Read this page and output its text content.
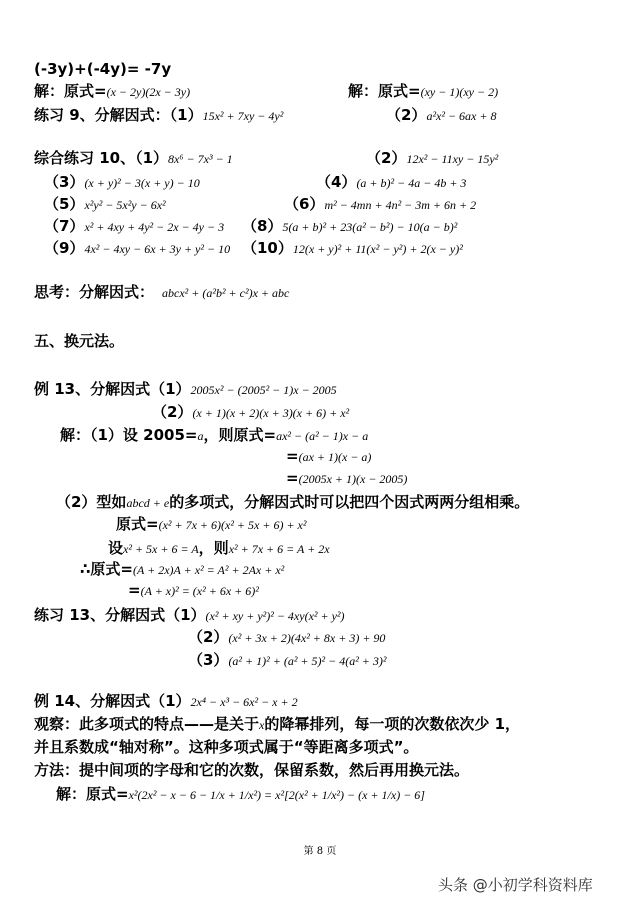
(-3y)+(-4y)= -7y
解：原式=(x − 2y)(2x − 3y)	解：原式=(xy − 1)(xy − 2)
练习 9、分解因式：（1）15x² + 7xy − 4y²	（2）a²x² − 6ax + 8
综合练习 10、（1）8x⁶ − 7x³ − 1	（2）12x² − 11xy − 15y²
（3）(x + y)² − 3(x + y) − 10	（4）(a + b)² − 4a − 4b + 3
（5）x²y² − 5x²y − 6x²	（6）m² − 4mn + 4n² − 3m + 6n + 2
（7）x² + 4xy + 4y² − 2x − 4y − 3 （8）5(a + b)² + 23(a² − b²) − 10(a − b)²
（9）4x² − 4xy − 6x + 3y + y² − 10 （10）12(x + y)² + 11(x² − y²) + 2(x − y)²
思考：分解因式： abcx² + (a²b² + c²)x + abc
五、换元法。
例 13、分解因式（1）2005x² − (2005² − 1)x − 2005
（2）(x + 1)(x + 2)(x + 3)(x + 6) + x²
解：（1）设 2005=a，则原式=ax² − (a² − 1)x − a
=(ax + 1)(x − a)
=(2005x + 1)(x − 2005)
（2）型如abcd + e的多项式，分解因式时可以把四个因式两两分组相乘。
原式=(x² + 7x + 6)(x² + 5x + 6) + x²
设x² + 5x + 6 = A，则x² + 7x + 6 = A + 2x
∴原式=(A + 2x)A + x² = A² + 2Ax + x²
=(A + x)² = (x² + 6x + 6)²
练习 13、分解因式（1）(x² + xy + y²)² − 4xy(x² + y²)
（2）(x² + 3x + 2)(4x² + 8x + 3) + 90
（3）(a² + 1)² + (a² + 5)² − 4(a² + 3)²
例 14、分解因式（1）2x⁴ − x³ − 6x² − x + 2
观察：此多项式的特点——是关于x的降幂排列，每一项的次数依次少 1，
并且系数成“轴对称”。这种多项式属于“等距离多项式”。
方法：提中间项的字母和它的次数，保留系数，然后再用换元法。
解：原式=x²(2x² − x − 6 − 1/x + 1/x²) = x²[2(x² + 1/x²) − (x + 1/x) − 6]
第 8 页
头条 @小初学科资料库
